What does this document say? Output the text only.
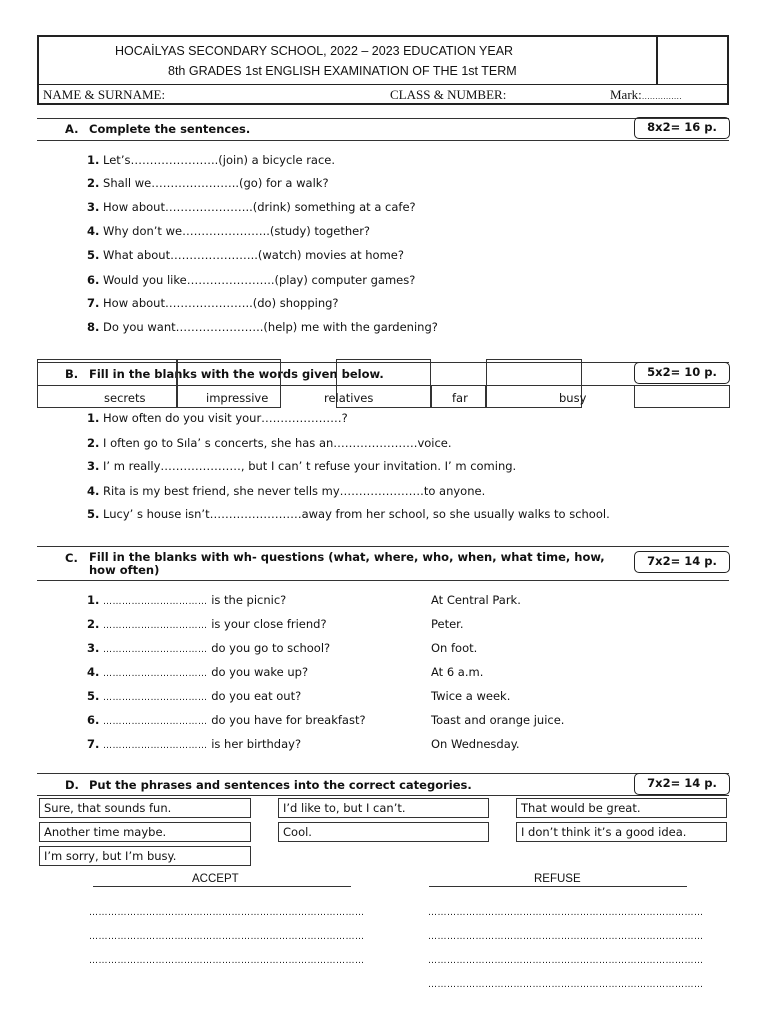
HOCAİLYAS SECONDARY SCHOOL, 2022 – 2023 EDUCATION YEAR
8th GRADES 1st ENGLISH EXAMINATION OF THE 1st TERM
NAME & SURNAME:	CLASS & NUMBER:	Mark:……………
A. Complete the sentences.	8x2= 16 p.
1. Let’s…………………..(join) a bicycle race.
2. Shall we…………………..(go) for a walk?
3. How about…………………..(drink) something at a cafe?
4. Why don’t we…………………..(study) together?
5. What about…………………..(watch) movies at home?
6. Would you like…………………..(play) computer games?
7. How about…………………..(do) shopping?
8. Do you want…………………..(help) me with the gardening?
B. Fill in the blanks with the words given below.	5x2= 10 p.
secrets	impressive	relatives	far	busy
1. How often do you visit your…………………?
2. I often go to Sıla’ s concerts, she has an………………….voice.
3. I’ m really…………………, but I can’ t refuse your invitation. I’ m coming.
4. Rita is my best friend, she never tells my………………….to anyone.
5. Lucy’ s house isn’t……………………away from her school, so she usually walks to school.
C. Fill in the blanks with wh- questions (what, where, who, when, what time, how, how often)
7x2= 14 p.
1. …………………………… is the picnic?	At Central Park.
2. …………………………… is your close friend?	Peter.
3. …………………………… do you go to school?	On foot.
4. …………………………… do you wake up?	At 6 a.m.
5. …………………………… do you eat out?	Twice a week.
6. …………………………… do you have for breakfast?	Toast and orange juice.
7. …………………………… is her birthday?	On Wednesday.
D. Put the phrases and sentences into the correct categories.	7x2= 14 p.
Sure, that sounds fun.	I’d like to, but I can’t.	That would be great.
Another time maybe.	Cool.	I don’t think it’s a good idea.
I’m sorry, but I’m busy.
ACCEPT	REFUSE
……………………………………………………………………………
……………………………………………………………………………
……………………………………………………………………………
……………………………………………………………………………
……………………………………………………………………………
……………………………………………………………………………
……………………………………………………………………………
